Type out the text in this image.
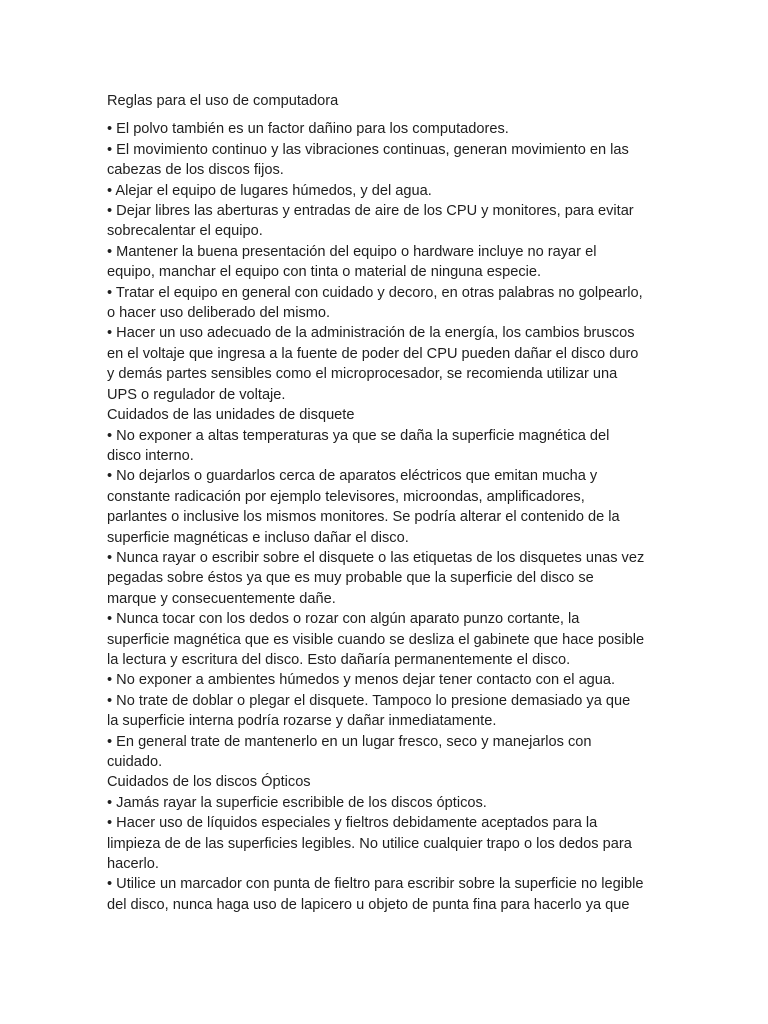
Reglas para el uso de computadora
• El polvo también es un factor dañino para los computadores.
• El movimiento continuo y las vibraciones continuas, generan movimiento en las
cabezas de los discos fijos.
• Alejar el equipo de lugares húmedos, y del agua.
• Dejar libres las aberturas y entradas de aire de los CPU y monitores, para evitar
sobrecalentar el equipo.
• Mantener la buena presentación del equipo o hardware incluye no rayar el
equipo, manchar el equipo con tinta o material de ninguna especie.
• Tratar el equipo en general con cuidado y decoro, en otras palabras no golpearlo,
o hacer uso deliberado del mismo.
• Hacer un uso adecuado de la administración de la energía, los cambios bruscos
en el voltaje que ingresa a la fuente de poder del CPU pueden dañar el disco duro
y demás partes sensibles como el microprocesador, se recomienda utilizar una
UPS o regulador de voltaje.
Cuidados de las unidades de disquete
• No exponer a altas temperaturas ya que se daña la superficie magnética del
disco interno.
• No dejarlos o guardarlos cerca de aparatos eléctricos que emitan mucha y
constante radicación por ejemplo televisores, microondas, amplificadores,
parlantes o inclusive los mismos monitores. Se podría alterar el contenido de la
superficie magnéticas e incluso dañar el disco.
• Nunca rayar o escribir sobre el disquete o las etiquetas de los disquetes unas vez
pegadas sobre éstos ya que es muy probable que la superficie del disco se
marque y consecuentemente dañe.
• Nunca tocar con los dedos o rozar con algún aparato punzo cortante, la
superficie magnética que es visible cuando se desliza el gabinete que hace posible
la lectura y escritura del disco. Esto dañaría permanentemente el disco.
• No exponer a ambientes húmedos y menos dejar tener contacto con el agua.
• No trate de doblar o plegar el disquete. Tampoco lo presione demasiado ya que
la superficie interna podría rozarse y dañar inmediatamente.
• En general trate de mantenerlo en un lugar fresco, seco y manejarlos con
cuidado.
Cuidados de los discos Ópticos
• Jamás rayar la superficie escribible de los discos ópticos.
• Hacer uso de líquidos especiales y fieltros debidamente aceptados para la
limpieza de de las superficies legibles. No utilice cualquier trapo o los dedos para
hacerlo.
• Utilice un marcador con punta de fieltro para escribir sobre la superficie no legible
del disco, nunca haga uso de lapicero u objeto de punta fina para hacerlo ya que
